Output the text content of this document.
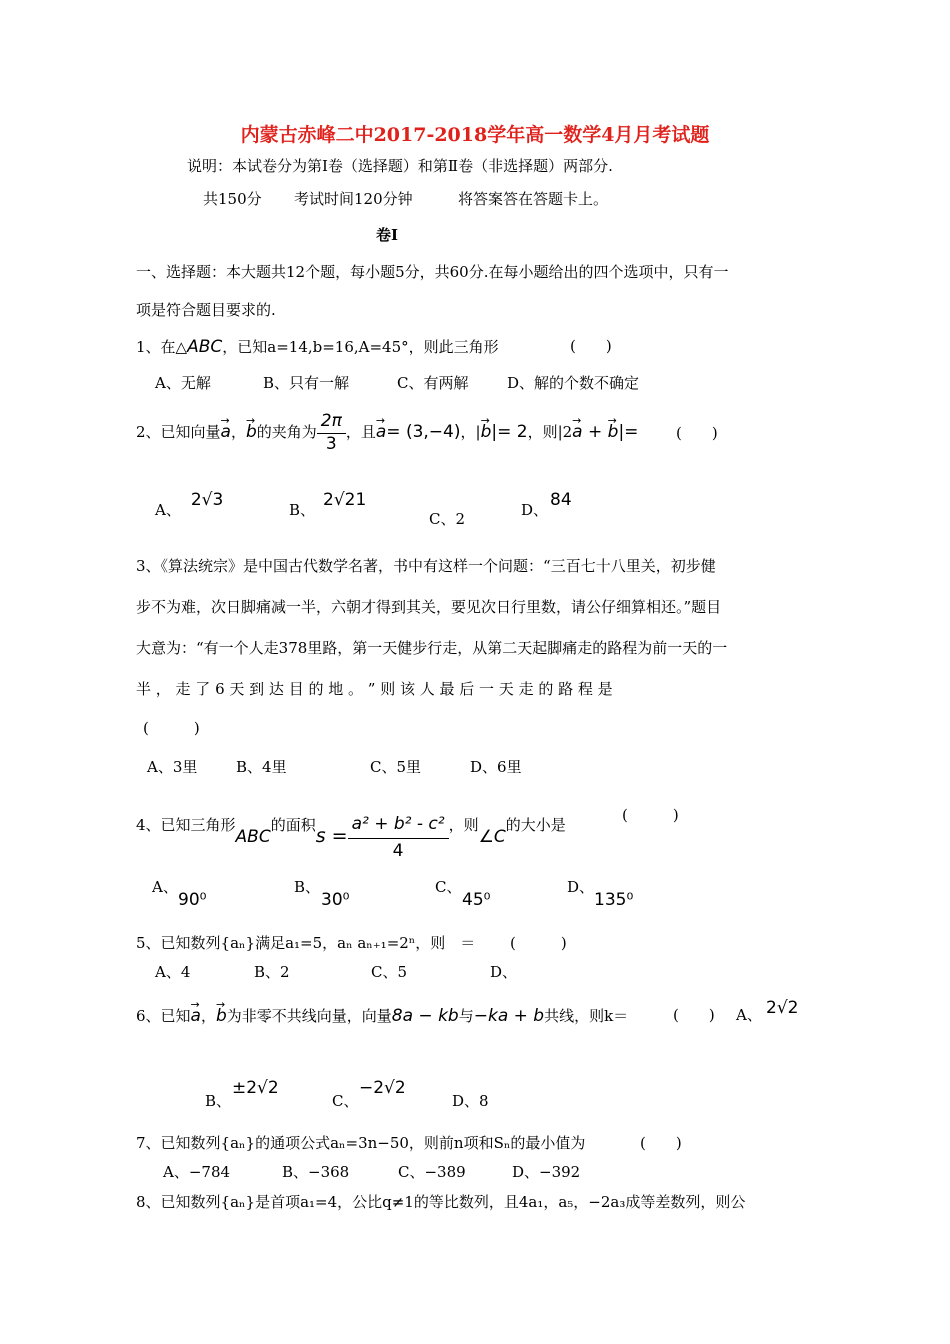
内蒙古赤峰二中2017-2018学年高一数学4月月考试题
说明：本试卷分为第Ⅰ卷（选择题）和第Ⅱ卷（非选择题）两部分.
共150分 考试时间120分钟	将答案答在答题卡上。
卷I
一、选择题：本大题共12个题，每小题5分，共60分.在每小题给出的四个选项中，只有一
项是符合题目要求的.
1、在△ABC，已知a=14,b=16,A=45°，则此三角形	(　　)
A、无解	B、只有一解	C、有两解	D、解的个数不确定
2、已知向量→ a，→ b的夹角为 $\frac{2\pi}{3}$ ，且→ a= (3,−4)，|→ b|= 2，则|2→ a + → b|=	(　　)
A、 2√3	B、 2√21
C、2	D、 84
3、《算法统宗》是中国古代数学名著，书中有这样一个问题：“三百七十八里关，初步健
步不为难，次日脚痛减一半，六朝才得到其关，要见次日行里数，请公仔细算相还。”题目
大意为：“有一个人走378里路，第一天健步行走，从第二天起脚痛走的路程为前一天的一
半 ， 走 了 6 天 到 达 目 的 地 。 ” 则 该 人 最 后 一 天 走 的 路 程 是
(　　　)
A、3里	B、4里	C、5里	D、6里
4、已知三角形ABC的面积$s = \frac{\text{a² + b² - c²}}{4}$ ，则∠C的大小是
(　　　)
A、
90⁰
B、
30⁰
C、
45⁰
D、
135⁰
5、已知数列{aₙ}满足a₁=5，aₙ aₙ₊₁=2ⁿ，则　＝ (　　　)
A、4	B、2	C、5	D、
6、已知→ a，→ b为非零不共线向量，向量8a − kb与−ka + b共线，则k＝	(　　) A、 2√2
B、
±2√2
C、
−2√2
D、8
7、已知数列{aₙ}的通项公式aₙ=3n−50，则前n项和Sₙ的最小值为	(　　)
A、−784	B、−368	C、−389	D、−392
8、已知数列{aₙ}是首项a₁=4，公比q≠1的等比数列，且4a₁，a₅，−2a₃成等差数列，则公
